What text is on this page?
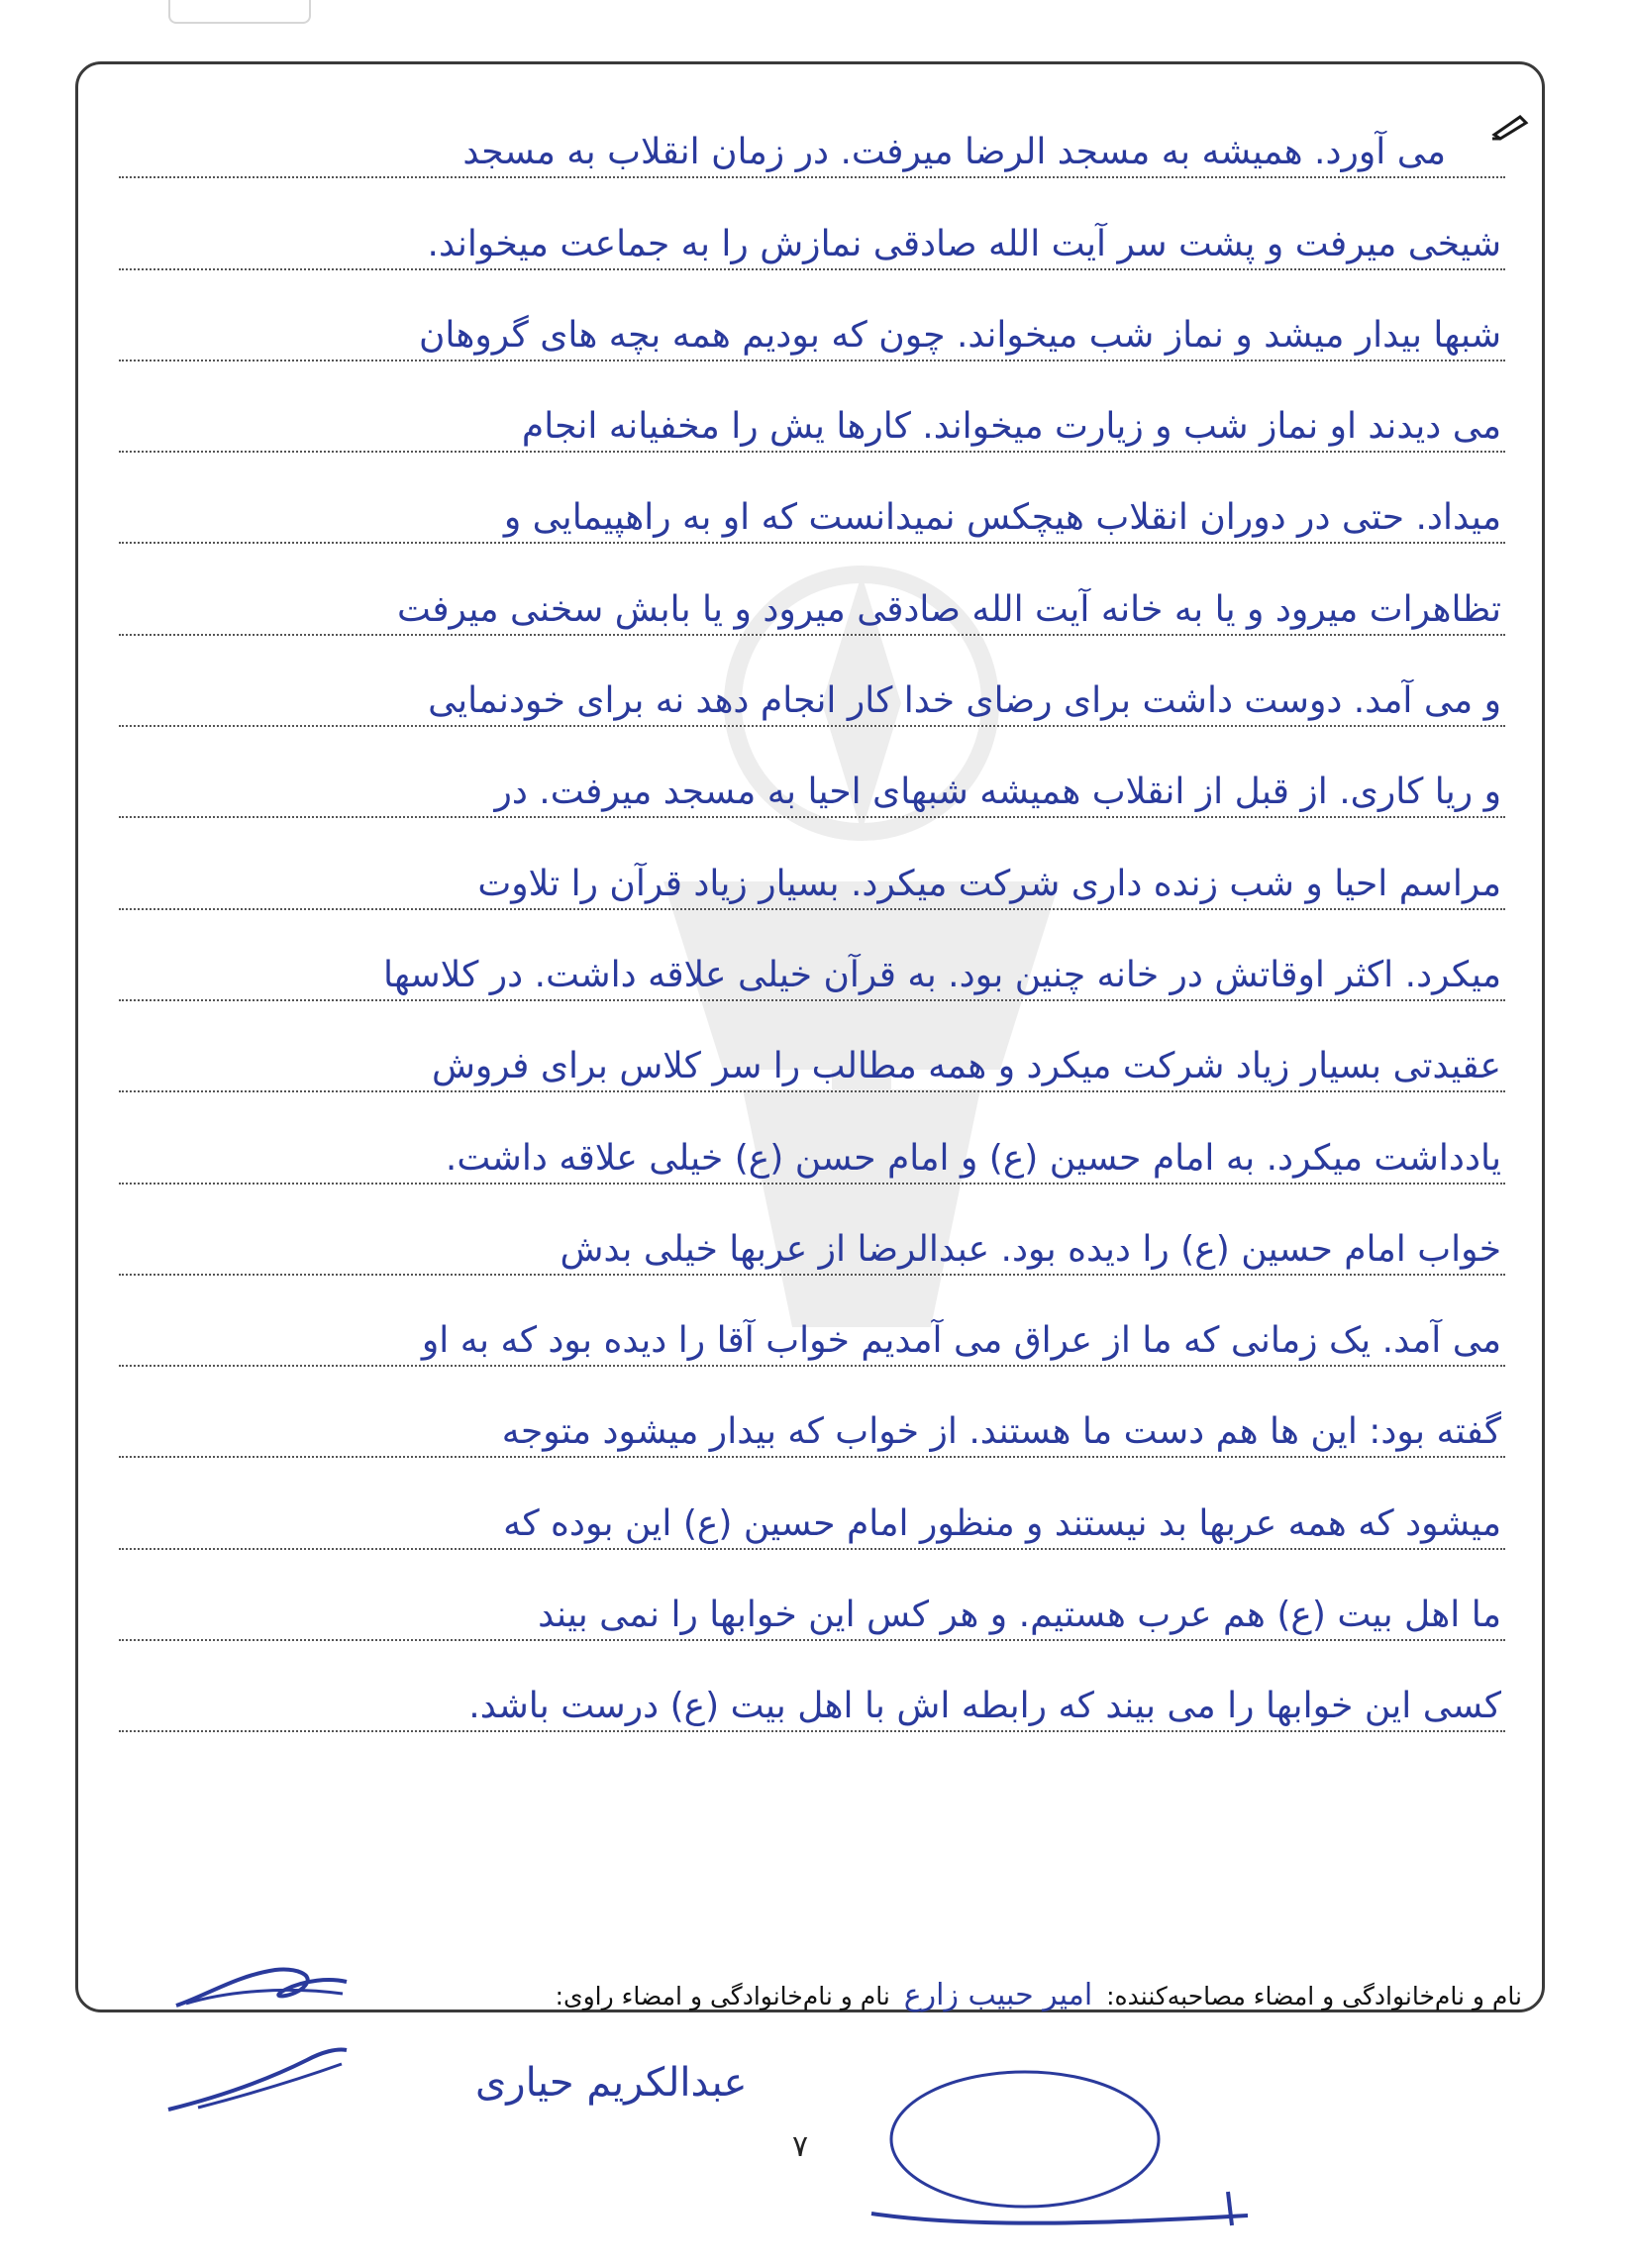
می آورد. همیشه به مسجد الرضا میرفت. در زمان انقلاب به مسجد
شیخی میرفت و پشت سر آیت الله صادقی نمازش را به جماعت میخواند.
شبها بیدار میشد و نماز شب میخواند. چون که بودیم همه بچه های گروهان
می دیدند او نماز شب و زیارت میخواند. کارها یش را مخفیانه انجام
میداد. حتی در دوران انقلاب هیچکس نمیدانست که او به راهپیمایی و
تظاهرات میرود و یا به خانه آیت الله صادقی میرود و یا بابش سخنی میرفت
و می آمد. دوست داشت برای رضای خدا کار انجام دهد نه برای خودنمایی
و ریا کاری. از قبل از انقلاب همیشه شبهای احیا به مسجد میرفت. در
مراسم احیا و شب زنده داری شرکت میکرد. بسیار زیاد قرآن را تلاوت
میکرد. اکثر اوقاتش در خانه چنین بود. به قرآن خیلی علاقه داشت. در کلاسها
عقیدتی بسیار زیاد شرکت میکرد و همه مطالب را سر کلاس برای فروش
یادداشت میکرد. به امام حسین (ع) و امام حسن (ع) خیلی علاقه داشت.
خواب امام حسین (ع) را دیده بود. عبدالرضا از عربها خیلی بدش
می آمد. یک زمانی که ما از عراق می آمدیم خواب آقا را دیده بود که به او
گفته بود: این ها هم دست ما هستند. از خواب که بیدار میشود متوجه
میشود که همه عربها بد نیستند و منظور امام حسین (ع) این بوده که
ما اهل بیت (ع) هم عرب هستیم. و هر کس این خوابها را نمی بیند
کسی این خوابها را می بیند که رابطه اش با اهل بیت (ع) درست باشد.
نام و نام‌خانوادگی و امضاء مصاحبه‌کننده: امیر حبیب زارع نام و نام‌خانوادگی و امضاء راوی:
عبدالکریم حیاری
۷
